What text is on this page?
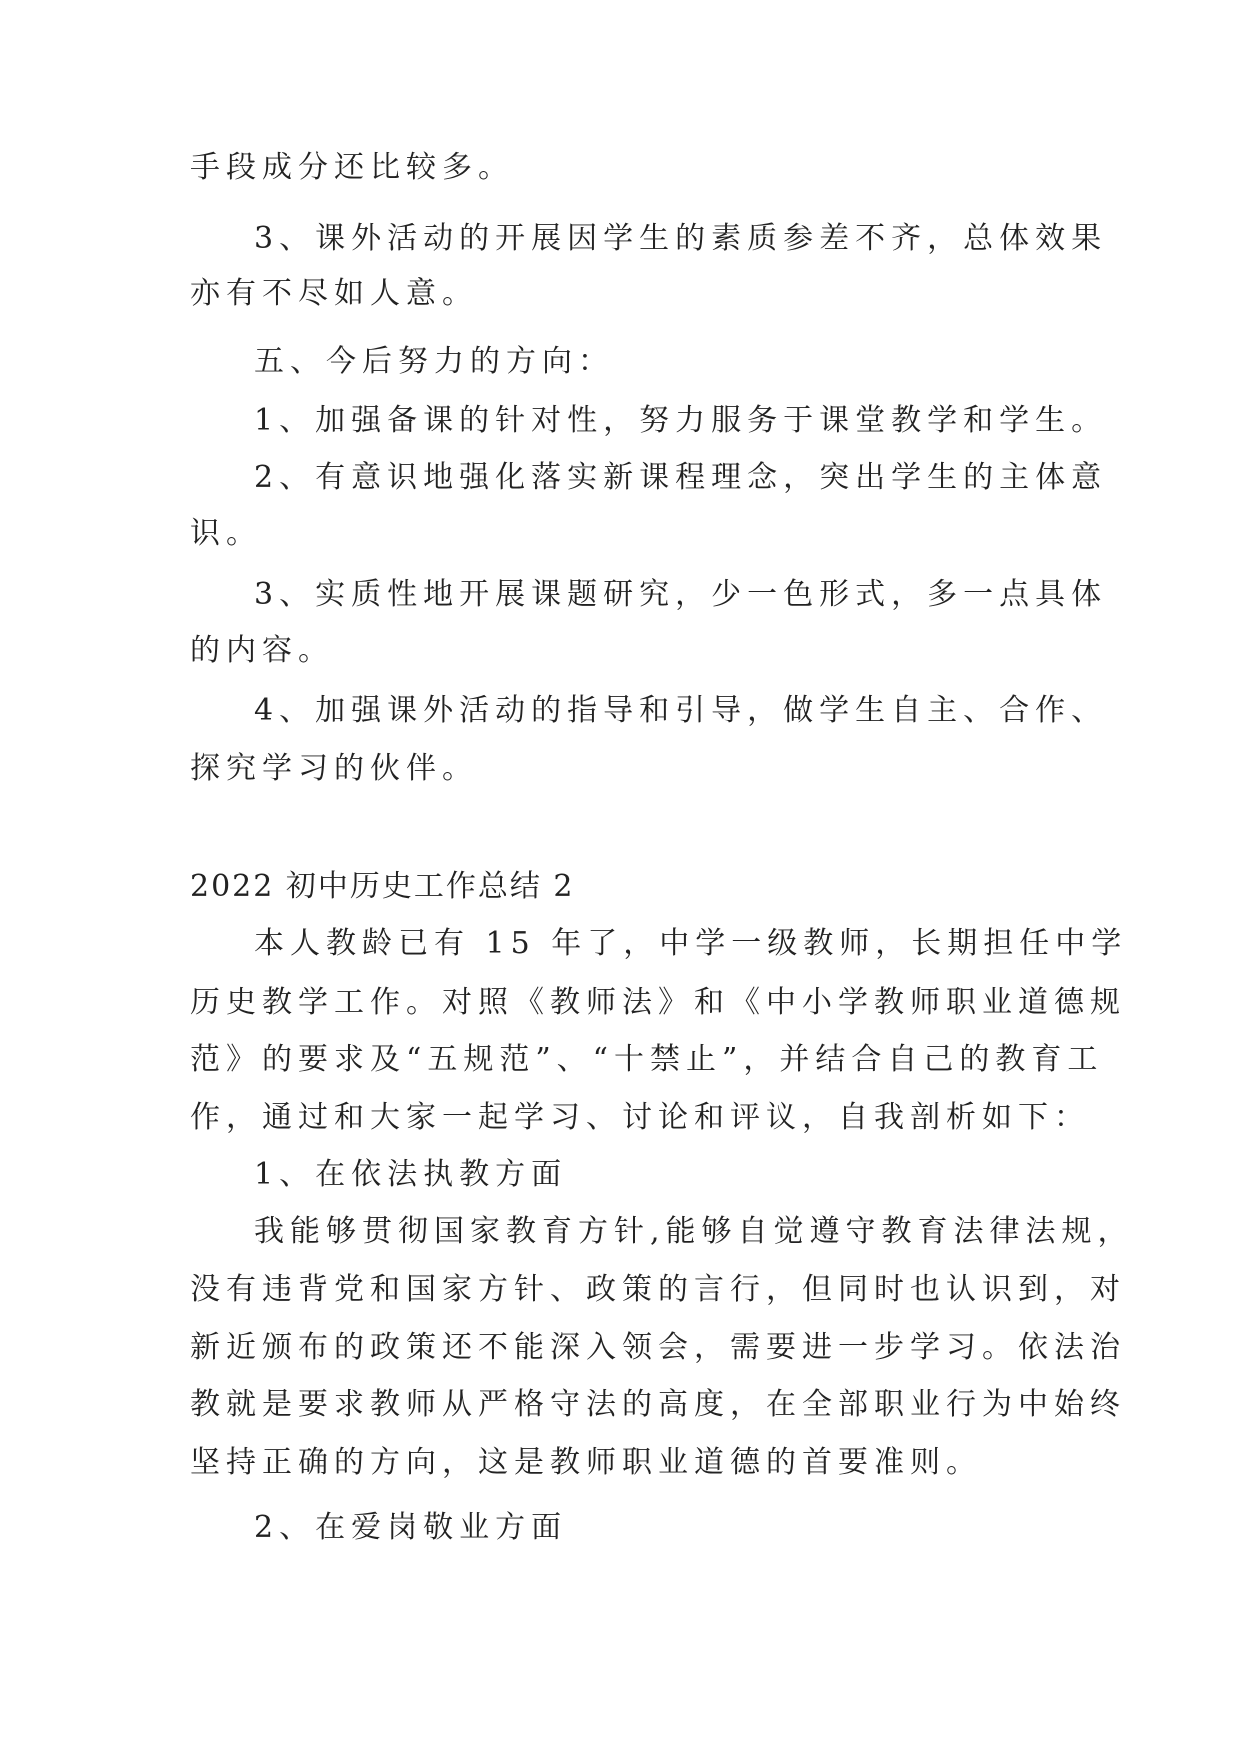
手段成分还比较多。
3、课外活动的开展因学生的素质参差不齐，总体效果
亦有不尽如人意。
五、今后努力的方向：
1、加强备课的针对性，努力服务于课堂教学和学生。
2、有意识地强化落实新课程理念，突出学生的主体意
识。
3、实质性地开展课题研究，少一色形式，多一点具体
的内容。
4、加强课外活动的指导和引导，做学生自主、合作、
探究学习的伙伴。
2022 初中历史工作总结 2
本人教龄已有 15 年了，中学一级教师，长期担任中学
历史教学工作。对照《教师法》和《中小学教师职业道德规
范》的要求及“五规范”、“十禁止”，并结合自己的教育工
作，通过和大家一起学习、讨论和评议，自我剖析如下：
1、在依法执教方面
我能够贯彻国家教育方针,能够自觉遵守教育法律法规，
没有违背党和国家方针、政策的言行，但同时也认识到，对
新近颁布的政策还不能深入领会，需要进一步学习。依法治
教就是要求教师从严格守法的高度，在全部职业行为中始终
坚持正确的方向，这是教师职业道德的首要准则。
2、在爱岗敬业方面
